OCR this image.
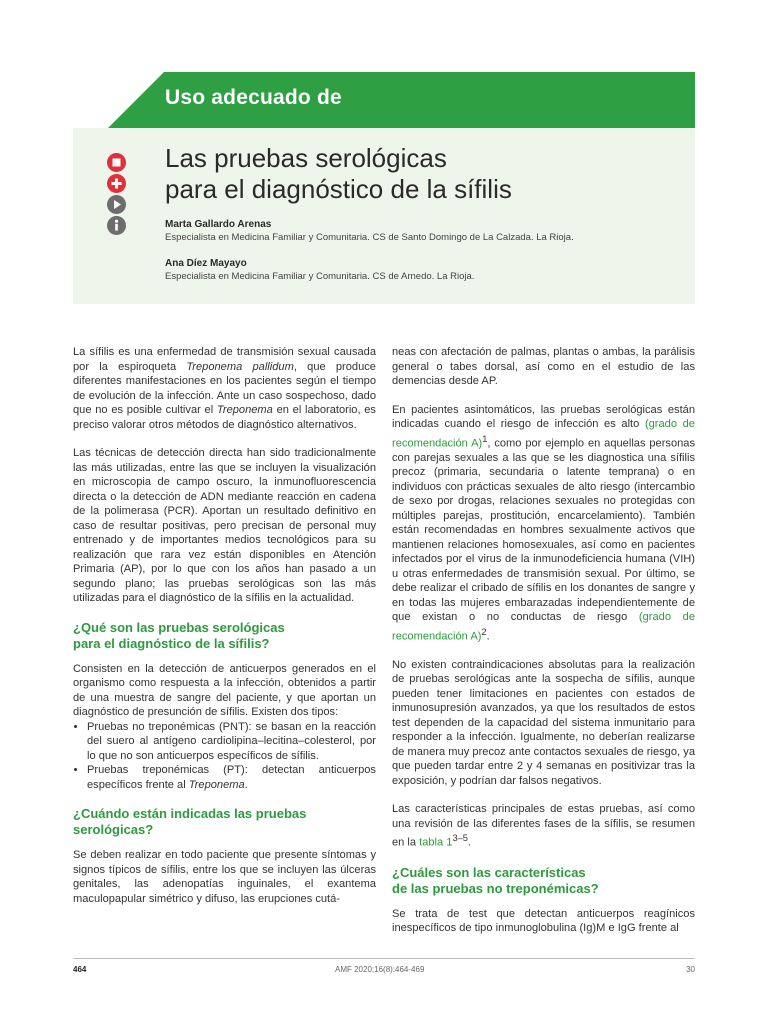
Uso adecuado de
Las pruebas serológicas
para el diagnóstico de la sífilis
Marta Gallardo Arenas
Especialista en Medicina Familiar y Comunitaria. CS de Santo Domingo de La Calzada. La Rioja.
Ana Díez Mayayo
Especialista en Medicina Familiar y Comunitaria. CS de Arnedo. La Rioja.

La sífilis es una enfermedad de transmisión sexual causada por la espiroqueta Treponema pallidum, que produce diferentes manifestaciones en los pacientes según el tiempo de evolución de la infección. Ante un caso sospechoso, dado que no es posible cultivar el Treponema en el laboratorio, es preciso valorar otros métodos de diagnóstico alternativos.

Las técnicas de detección directa han sido tradicionalmente las más utilizadas, entre las que se incluyen la visualización en microscopia de campo oscuro, la inmunofluorescencia directa o la detección de ADN mediante reacción en cadena de la polimerasa (PCR). Aportan un resultado definitivo en caso de resultar positivas, pero precisan de personal muy entrenado y de importantes medios tecnológicos para su realización que rara vez están disponibles en Atención Primaria (AP), por lo que con los años han pasado a un segundo plano; las pruebas serológicas son las más utilizadas para el diagnóstico de la sífilis en la actualidad.

¿Qué son las pruebas serológicas
para el diagnóstico de la sífilis?

Consisten en la detección de anticuerpos generados en el organismo como respuesta a la infección, obtenidos a partir de una muestra de sangre del paciente, y que aportan un diagnóstico de presunción de sífilis. Existen dos tipos:

• Pruebas no treponémicas (PNT): se basan en la reacción del suero al antígeno cardiolipina–lecitina–colesterol, por lo que no son anticuerpos específicos de sífilis.
• Pruebas treponémicas (PT): detectan anticuerpos específicos frente al Treponema.
¿Cuándo están indicadas las pruebas
serológicas?

Se deben realizar en todo paciente que presente síntomas y signos típicos de sífilis, entre los que se incluyen las úlceras genitales, las adenopatías inguinales, el exantema maculopapular simétrico y difuso, las erupciones cutá-

neas con afectación de palmas, plantas o ambas, la parálisis general o tabes dorsal, así como en el estudio de las demencias desde AP.

En pacientes asintomáticos, las pruebas serológicas están indicadas cuando el riesgo de infección es alto (grado de recomendación A)$^1$, como por ejemplo en aquellas personas con parejas sexuales a las que se les diagnostica una sífilis precoz (primaria, secundaria o latente temprana) o en individuos con prácticas sexuales de alto riesgo (intercambio de sexo por drogas, relaciones sexuales no protegidas con múltiples parejas, prostitución, encarcelamiento). También están recomendadas en hombres sexualmente activos que mantienen relaciones homosexuales, así como en pacientes infectados por el virus de la inmunodeficiencia humana (VIH) u otras enfermedades de transmisión sexual. Por último, se debe realizar el cribado de sífilis en los donantes de sangre y en todas las mujeres embarazadas independientemente de que existan o no conductas de riesgo (grado de recomendación A)$^2$.

No existen contraindicaciones absolutas para la realización de pruebas serológicas ante la sospecha de sífilis, aunque pueden tener limitaciones en pacientes con estados de inmunosupresión avanzados, ya que los resultados de estos test dependen de la capacidad del sistema inmunitario para responder a la infección. Igualmente, no deberían realizarse de manera muy precoz ante contactos sexuales de riesgo, ya que pueden tardar entre 2 y 4 semanas en positivizar tras la exposición, y podrían dar falsos negativos.

Las características principales de estas pruebas, así como una revisión de las diferentes fases de la sífilis, se resumen en la tabla 1$^{3-5}$.

¿Cuáles son las características
de las pruebas no treponémicas?

Se trata de test que detectan anticuerpos reagínicos inespecíficos de tipo inmunoglobulina (Ig)M e IgG frente al

464	AMF 2020;16(8):464-469	30
